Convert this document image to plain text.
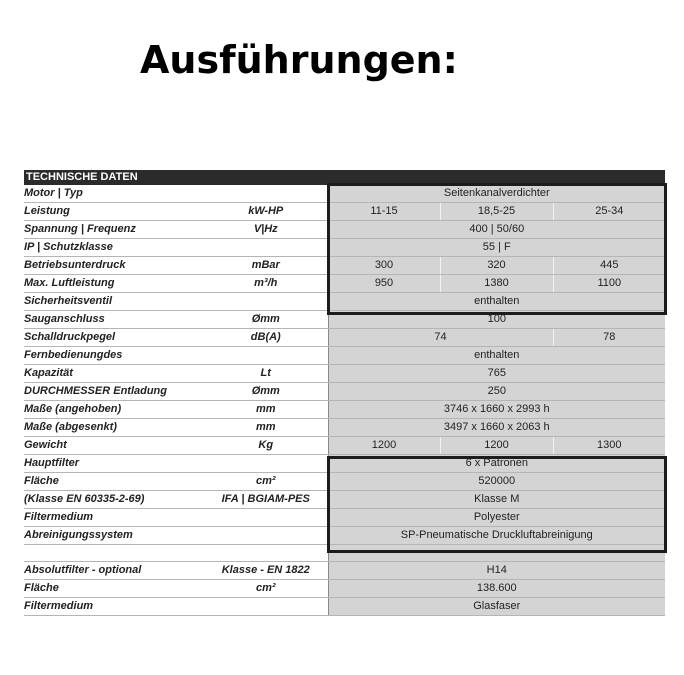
Ausführungen:
TECHNISCHE DATEN				
Motor | Typ		Seitenkanalverdichter		
Leistung	kW-HP	11-15	18,5-25	25-34
Spannung | Frequenz	V|Hz	400 | 50/60		
IP | Schutzklasse		55 | F		
Betriebsunterdruck	mBar	300	320	445
Max. Luftleistung	m³/h	950	1380	1100
Sicherheitsventil		enthalten		
Sauganschluss	Ømm	100		
Schalldruckpegel	dB(A)	74		78
Fernbedienungdes		enthalten		
Kapazität	Lt	765		
DURCHMESSER Entladung	Ømm	250		
Maße (angehoben)	mm	3746 x 1660 x 2993 h		
Maße (abgesenkt)	mm	3497 x 1660 x 2063 h		
Gewicht	Kg	1200	1200	1300
Hauptfilter		6 x Patronen		
Fläche	cm²	520000		
(Klasse EN 60335-2-69)	IFA | BGIAM-PES	Klasse M		
Filtermedium		Polyester		
Abreinigungssystem		SP-Pneumatische Druckluftabreinigung		

Absolutfilter - optional	Klasse - EN 1822	H14		
Fläche	cm²	138.600		
Filtermedium		Glasfaser		
